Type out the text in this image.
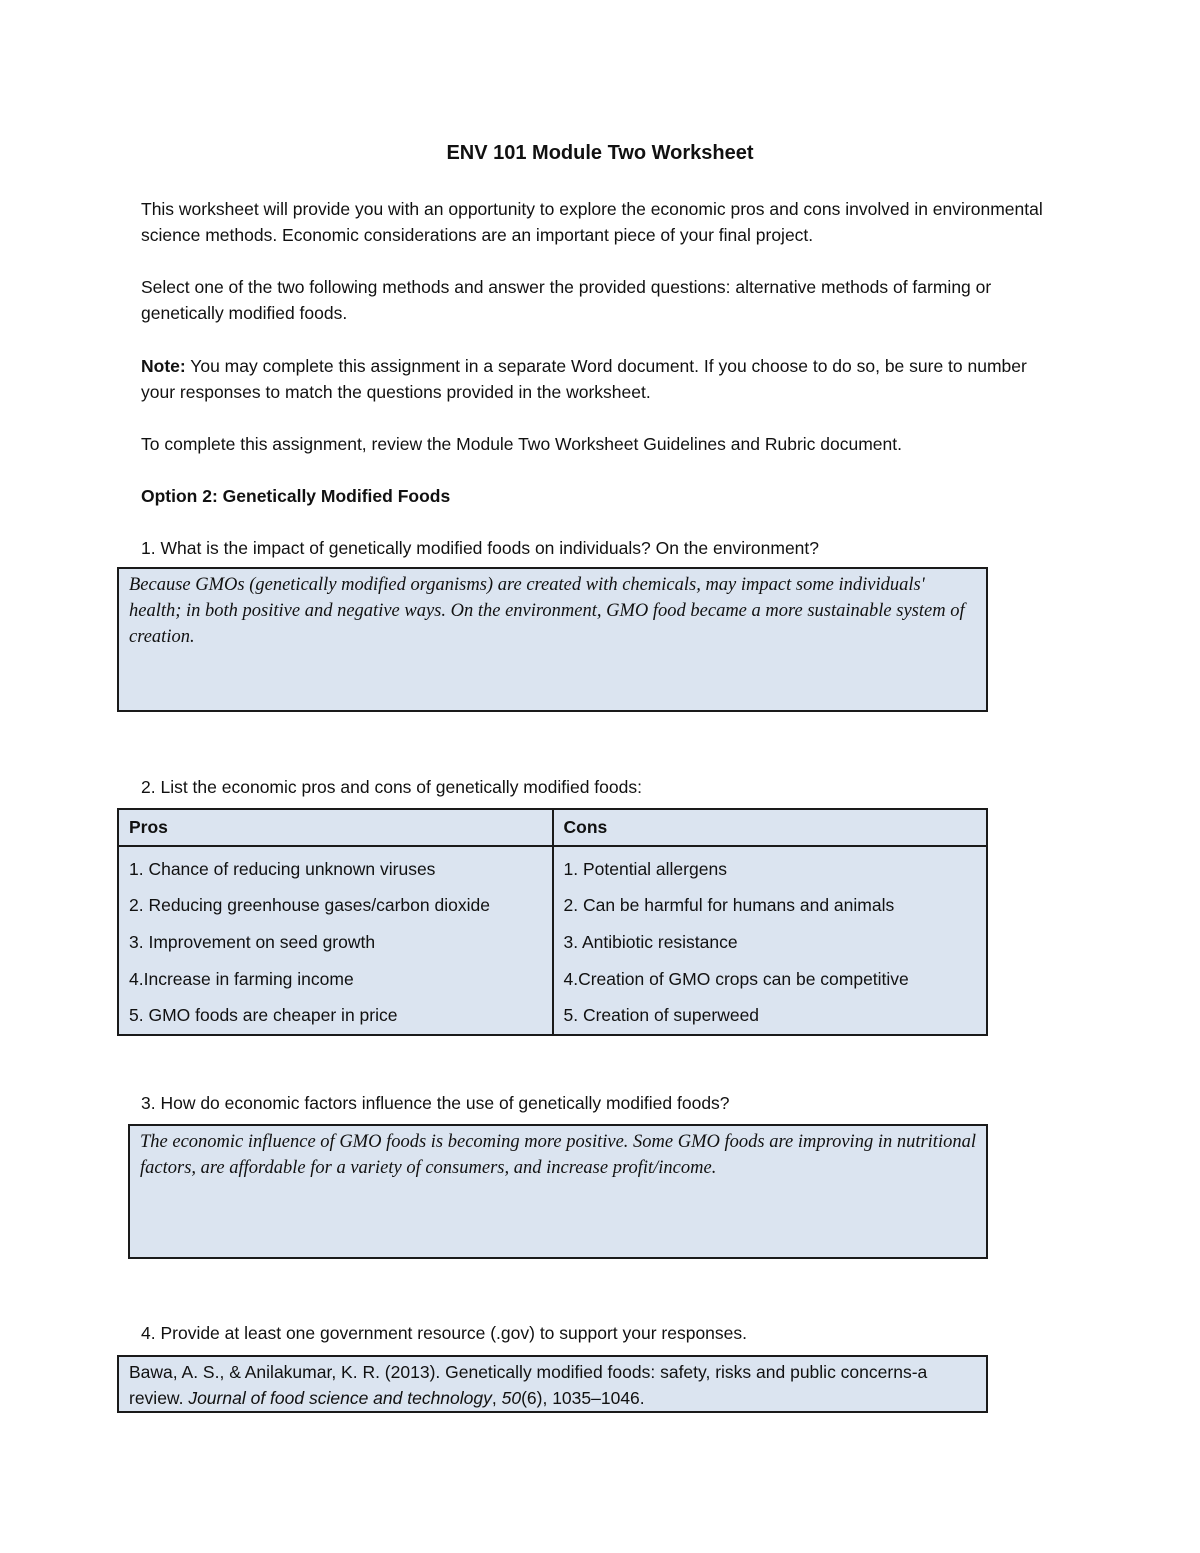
ENV 101 Module Two Worksheet
This worksheet will provide you with an opportunity to explore the economic pros and cons involved in environmental science methods. Economic considerations are an important piece of your final project.
Select one of the two following methods and answer the provided questions: alternative methods of farming or genetically modified foods.
Note: You may complete this assignment in a separate Word document. If you choose to do so, be sure to number your responses to match the questions provided in the worksheet.
To complete this assignment, review the Module Two Worksheet Guidelines and Rubric document.
Option 2: Genetically Modified Foods
1. What is the impact of genetically modified foods on individuals? On the environment?
Because GMOs (genetically modified organisms) are created with chemicals, may impact some individuals' health; in both positive and negative ways. On the environment, GMO food became a more sustainable system of creation.
2. List the economic pros and cons of genetically modified foods:
Pros	Cons
1. Chance of reducing unknown viruses	1. Potential allergens
2. Reducing greenhouse gases/carbon dioxide	2. Can be harmful for humans and animals
3. Improvement on seed growth	3. Antibiotic resistance
4.Increase in farming income	4.Creation of GMO crops can be competitive
5. GMO foods are cheaper in price	5. Creation of superweed
3. How do economic factors influence the use of genetically modified foods?
The economic influence of GMO foods is becoming more positive. Some GMO foods are improving in nutritional factors, are affordable for a variety of consumers, and increase profit/income.
4. Provide at least one government resource (.gov) to support your responses.
Bawa, A. S., & Anilakumar, K. R. (2013). Genetically modified foods: safety, risks and public concerns-a review. Journal of food science and technology, 50(6), 1035–1046.
